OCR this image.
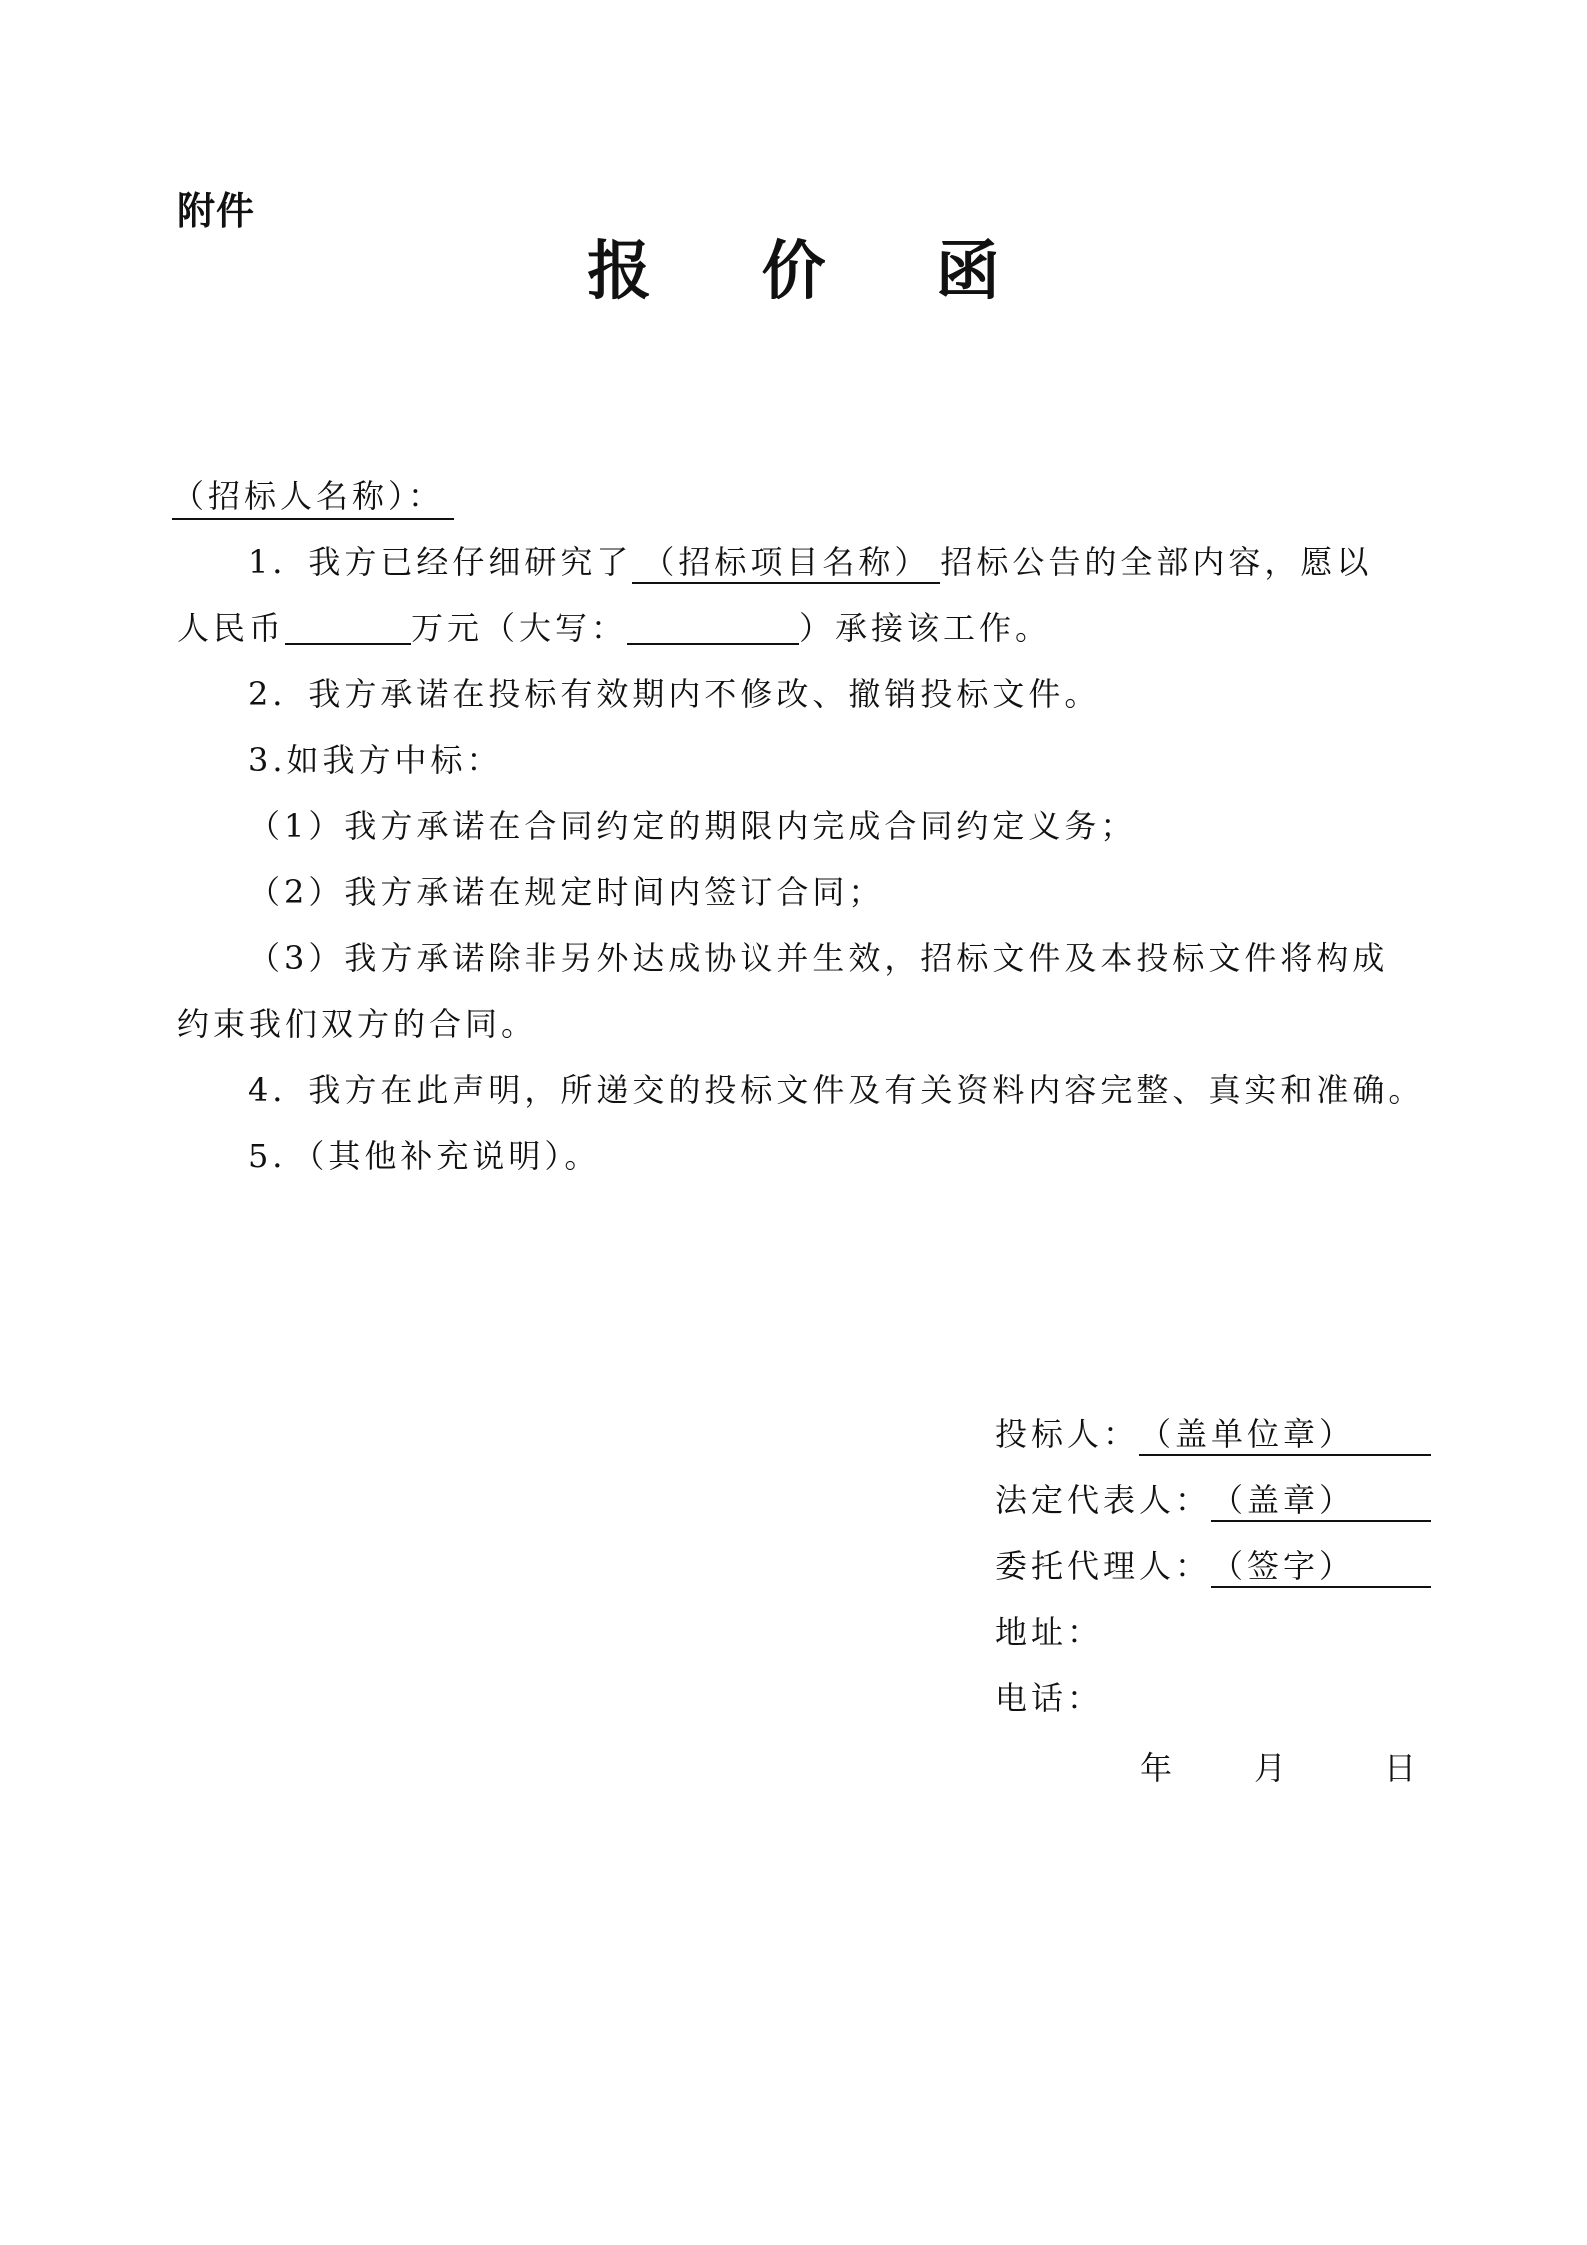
附件
报 价 函
（招标人名称）：
1．我方已经仔细研究了 （招标项目名称） 招标公告的全部内容，愿以
人民币	万元（大写：	）承接该工作。
2．我方承诺在投标有效期内不修改、撤销投标文件。
3.如我方中标：
（1）我方承诺在合同约定的期限内完成合同约定义务；
（2）我方承诺在规定时间内签订合同；
（3）我方承诺除非另外达成协议并生效，招标文件及本投标文件将构成
约束我们双方的合同。
4．我方在此声明，所递交的投标文件及有关资料内容完整、真实和准确。
5．（其他补充说明）。
投标人：（盖单位章）
法定代表人：（盖章）
委托代理人：（签字）
地址：
电话：
年	月	日
